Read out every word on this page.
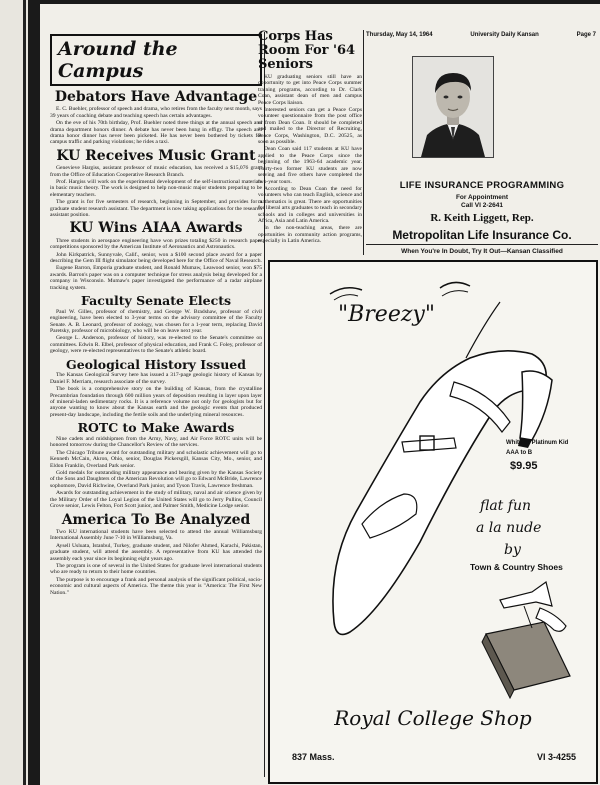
Thursday, May 14, 1964	University Daily Kansan	Page 7
Around the Campus
Debators Have Advantage

E. C. Buehler, professor of speech and drama, who retires from the faculty next month, says 39 years of coaching debate and teaching speech has certain advantages.

On the eve of his 70th birthday, Prof. Buehler noted three things at the annual speech and drama department honors dinner. A debate has never been hung in effigy. The speech and drama honor dinner has never been picketed. He has never been bothered by tickets for campus traffic and parking violations; he rides a taxi.

KU Receives Music Grant

Genevieve Hargiss, assistant professor of music education, has received a $15,076 grant from the Office of Education Cooperative Research Branch.

Prof. Hargiss will work on the experimental development of the self-instructional materials in basic music theory. The work is designed to help non-music major students preparing to be elementary teachers.

The grant is for five semesters of research, beginning in September, and provides for a graduate student research assistant. The department is now taking applications for the research assistant position.

KU Wins AIAA Awards

Three students in aerospace engineering have won prizes totaling $250 in research paper competitions sponsored by the American Institute of Aeronautics and Astronautics.

John Kirkpatrick, Sunnyvale, Calif., senior, won a $100 second place award for a paper describing the Gem III flight simulator being developed here for the Office of Naval Research.

Eugene Barron, Emporia graduate student, and Ronald Mumaw, Leawood senior, won $75 awards. Barron's paper was on a computer technique for stress analysis being developed for a company in Wisconsin. Mumaw's paper investigated the performance of a radar airplane tracking system.

Faculty Senate Elects

Paul W. Gilles, professor of chemistry, and George W. Bradshaw, professor of civil engineering, have been elected to 3-year terms on the advisory committee of the Faculty Senate. A. B. Leonard, professor of zoology, was chosen for a 1-year term, replacing David Paretsky, professor of microbiology, who will be on leave next year.

George L. Anderson, professor of history, was re-elected to the Senate's committee on committees. Edwin R. Elbel, professor of physical education, and Frank C. Foley, professor of geology, were re-elected representatives to the Senate's athletic board.

Geological History Issued

The Kansas Geological Survey here has issued a 317-page geologic history of Kansas by Daniel F. Merriam, research associate of the survey.

The book is a comprehensive story on the building of Kansas, from the crystalline Precambrian foundation through 600 million years of deposition resulting in layer upon layer of mineral-laden sedimentary rocks. It is a reference volume not only for geologists but for anyone wanting to know about the Kansas earth and the geologic events that produced present-day landscape, including the fertile soils and the underlying mineral resources.

ROTC to Make Awards

Nine cadets and midshipmen from the Army, Navy, and Air Force ROTC units will be honored tomorrow during the Chancellor's Review of the services.

The Chicago Tribune award for outstanding military and scholastic achievement will go to Kenneth McCain, Akron, Ohio, senior, Douglas Pickersgill, Kansas City, Mo., senior, and Eldon Franklin, Overland Park senior.

Gold medals for outstanding military appearance and bearing given by the Kansas Society of the Sons and Daughters of the American Revolution will go to Edward McBride, Lawrence sophomore, David Richwine, Overland Park junior, and Tyson Travis, Lawrence freshman.

Awards for outstanding achievement in the study of military, naval and air science given by the Military Order of the Loyal Legion of the United States will go to Jerry Pullins, Council Grove senior, Lewis Felton, Fort Scott junior, and Palmer Smith, Medicine Lodge senior.

America To Be Analyzed

Two KU international students have been selected to attend the annual Williamsburg International Assembly June 7-10 in Williamsburg, Va.

Aysell Usluata, Istanbul, Turkey, graduate student, and Nilofer Ahmed, Karachi, Pakistan, graduate student, will attend the assembly. A representative from KU has attended the assembly each year since its beginning eight years ago.

The program is one of several in the United States for graduate level international students who are ready to return to their home countries.

The purpose is to encourage a frank and personal analysis of the significant political, socio-economic and cultural aspects of America. The theme this year is "America: The First New Nation."

Corps Has Room For '64 Seniors

KU graduating seniors still have an opportunity to get into Peace Corps summer training programs, according to Dr. Clark Coan, assistant dean of men and campus Peace Corps liaison.

Interested seniors can get a Peace Corps volunteer questionnaire from the post office or from Dean Coan. It should be completed and mailed to the Director of Recruiting, Peace Corps, Washington, D.C. 20525, as soon as possible.

Dean Coan said 117 students at KU have applied to the Peace Corps since the beginning of the 1963-64 academic year. Thirty-two former KU students are now serving and five others have completed the two-year tours.

According to Dean Coan the need for volunteers who can teach English, science and mathematics is great. There are opportunities for liberal arts graduates to teach in secondary schools and in colleges and universities in Africa, Asia and Latin America.

In the non-teaching areas, there are oportunities in community action programs, especially in Latin America.

LIFE INSURANCE PROGRAMMING
For Appointment
Call VI 2-2641
R. Keith Liggett, Rep.
Metropolitan Life Insurance Co.
When You're In Doubt, Try It Out—Kansan Classified
"Breezy"
White or Platinum Kid
AAA to B
$9.95
flat fun
a la nude
by
Town & Country Shoes
Royal College Shop
837 Mass.	VI 3-4255
